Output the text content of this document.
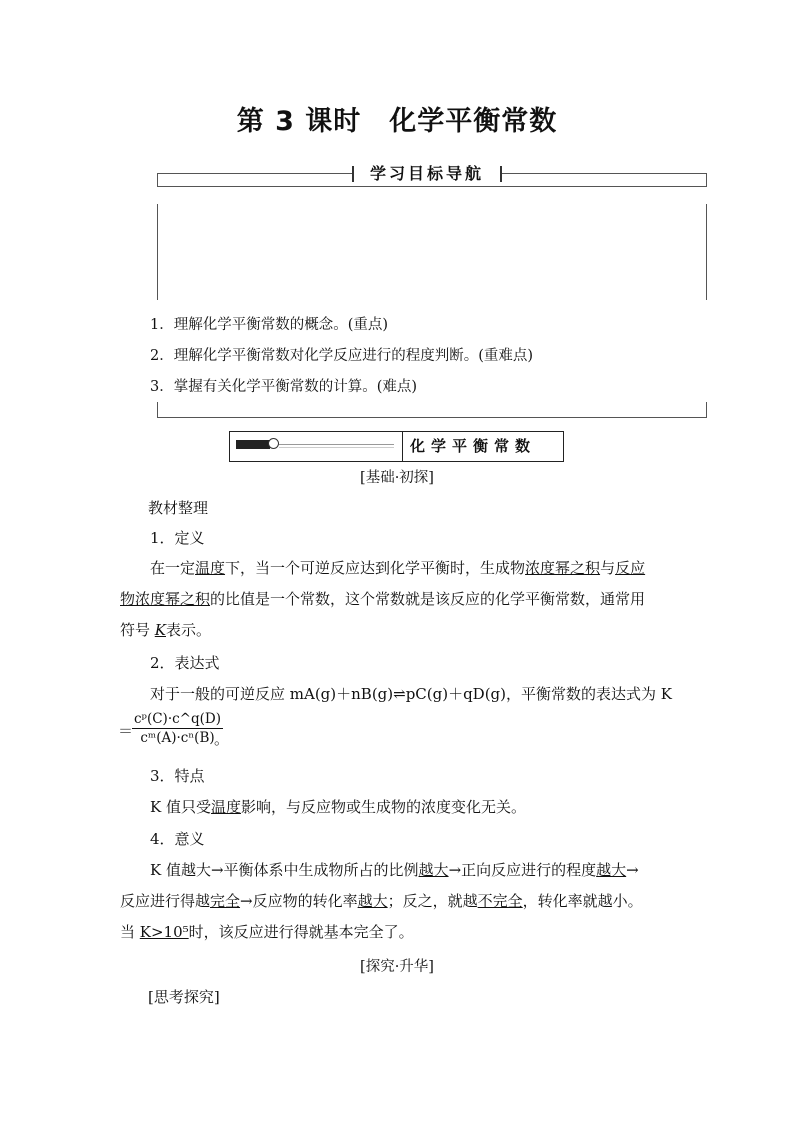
第 3 课时　化学平衡常数
学习目标导航
1．理解化学平衡常数的概念。(重点)
2．理解化学平衡常数对化学反应进行的程度判断。(重难点)
3．掌握有关化学平衡常数的计算。(难点)
化学平衡常数
[基础·初探]
教材整理
1．定义
在一定温度下，当一个可逆反应达到化学平衡时，生成物浓度幂之积与反应
物浓度幂之积的比值是一个常数，这个常数就是该反应的化学平衡常数，通常用
符号 K表示。
2．表达式
对于一般的可逆反应 mA(g)＋nB(g)⇌pC(g)＋qD(g)，平衡常数的表达式为 K
＝
$\frac{\text{cᵖ(C)·c\textasciicircum{}q(D)}}{\text{cᵐ(A)·cⁿ(B)}}$
。
3．特点
K 值只受温度影响，与反应物或生成物的浓度变化无关。
4．意义
K 值越大→平衡体系中生成物所占的比例越大→正向反应进行的程度越大→
反应进行得越完全→反应物的转化率越大；反之，就越不完全，转化率就越小。
当 K>10⁵时，该反应进行得就基本完全了。
[探究·升华]
[思考探究]
